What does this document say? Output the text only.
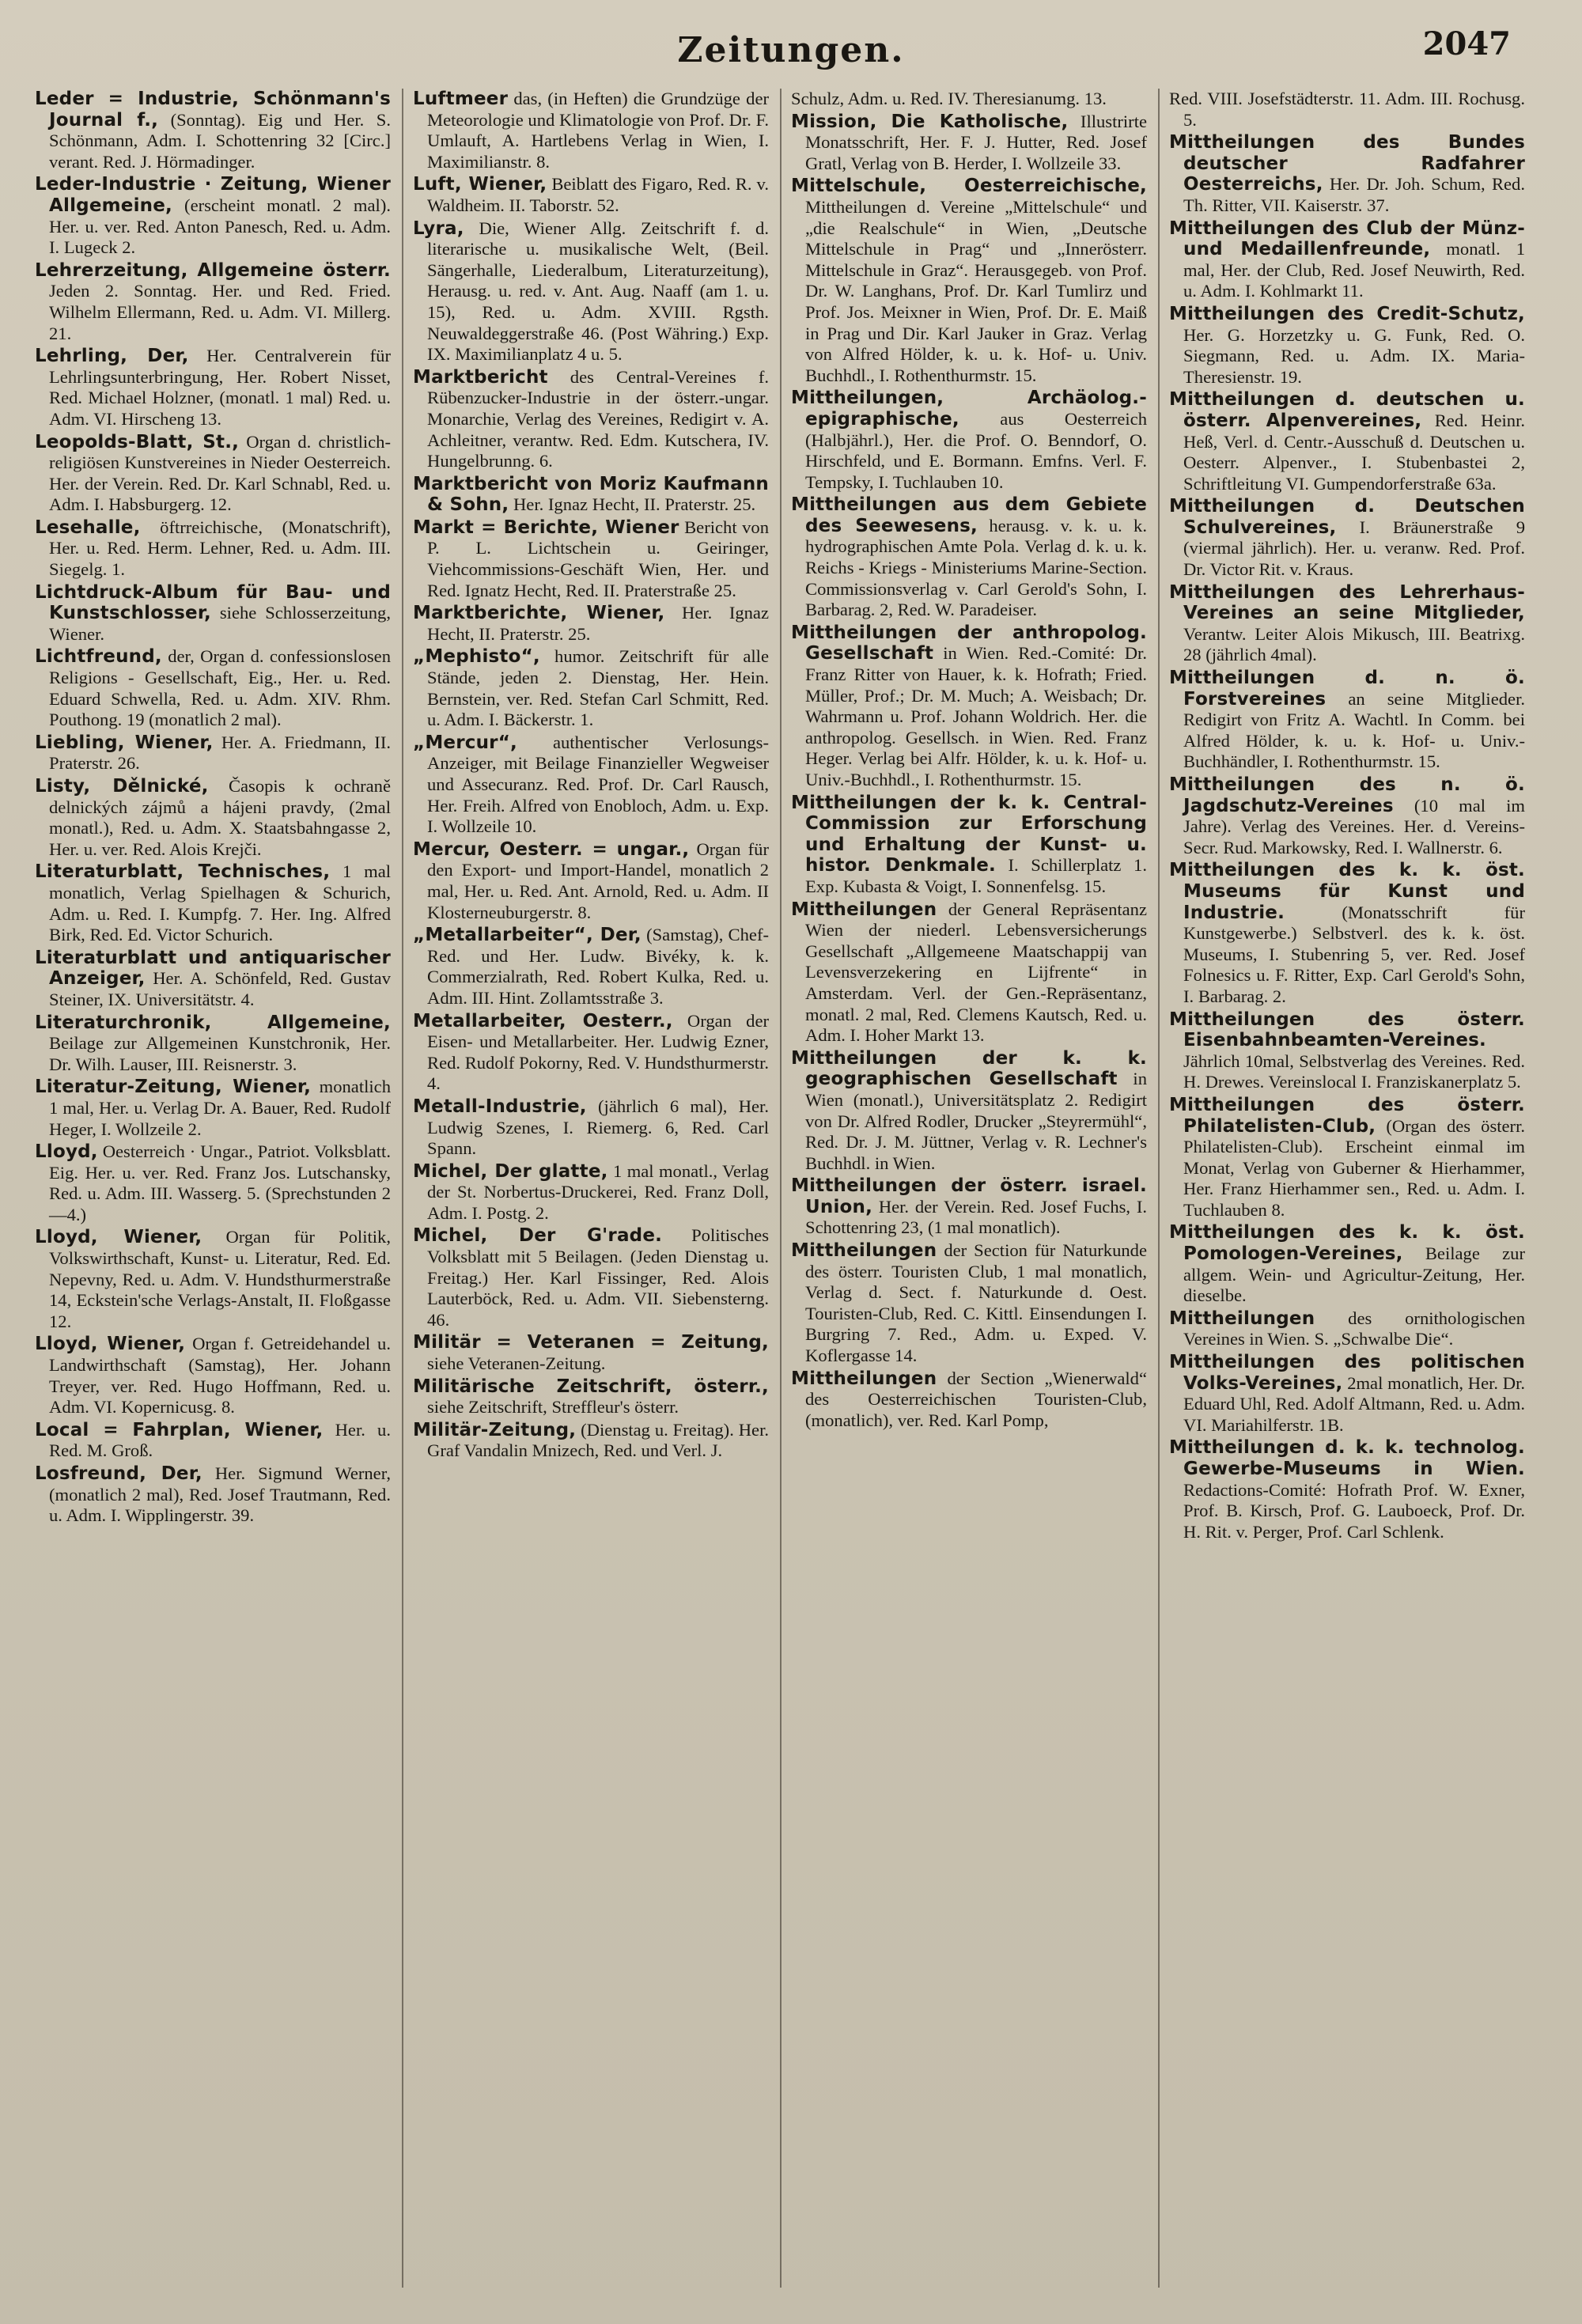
Zeitungen.	2047
Leder = Industrie, Schönmann's Journal f., (Sonntag). Eig und Her. S. Schönmann, Adm. I. Schottenring 32 [Circ.] verant. Red. J. Hörmadinger.
Leder-Industrie · Zeitung, Wiener Allgemeine, (erscheint monatl. 2 mal). Her. u. ver. Red. Anton Panesch, Red. u. Adm. I. Lugeck 2.
Lehrerzeitung, Allgemeine österr. Jeden 2. Sonntag. Her. und Red. Fried. Wilhelm Ellermann, Red. u. Adm. VI. Millerg. 21.
Lehrling, Der, Her. Centralverein für Lehrlingsunterbringung, Her. Robert Nisset, Red. Michael Holzner, (monatl. 1 mal) Red. u. Adm. VI. Hirscheng 13.
Leopolds-Blatt, St., Organ d. christlich-religiösen Kunstvereines in Nieder Oesterreich. Her. der Verein. Red. Dr. Karl Schnabl, Red. u. Adm. I. Habsburgerg. 12.
Lesehalle, öftrreichische, (Monatschrift), Her. u. Red. Herm. Lehner, Red. u. Adm. III. Siegelg. 1.
Lichtdruck-Album für Bau- und Kunstschlosser, siehe Schlosserzeitung, Wiener.
Lichtfreund, der, Organ d. confessionslosen Religions - Gesellschaft, Eig., Her. u. Red. Eduard Schwella, Red. u. Adm. XIV. Rhm. Pouthong. 19 (monatlich 2 mal).
Liebling, Wiener, Her. A. Friedmann, II. Praterstr. 26.
Listy, Dělnické, Časopis k ochraně delnických zájmů a hájeni pravdy, (2mal monatl.), Red. u. Adm. X. Staatsbahngasse 2, Her. u. ver. Red. Alois Krejči.
Literaturblatt, Technisches, 1 mal monatlich, Verlag Spielhagen & Schurich, Adm. u. Red. I. Kumpfg. 7. Her. Ing. Alfred Birk, Red. Ed. Victor Schurich.
Literaturblatt und antiquarischer Anzeiger, Her. A. Schönfeld, Red. Gustav Steiner, IX. Universitätstr. 4.
Literaturchronik, Allgemeine, Beilage zur Allgemeinen Kunstchronik, Her. Dr. Wilh. Lauser, III. Reisnerstr. 3.
Literatur-Zeitung, Wiener, monatlich 1 mal, Her. u. Verlag Dr. A. Bauer, Red. Rudolf Heger, I. Wollzeile 2.
Lloyd, Oesterreich · Ungar., Patriot. Volksblatt. Eig. Her. u. ver. Red. Franz Jos. Lutschansky, Red. u. Adm. III. Wasserg. 5. (Sprechstunden 2—4.)
Lloyd, Wiener, Organ für Politik, Volkswirthschaft, Kunst- u. Literatur, Red. Ed. Nepevny, Red. u. Adm. V. Hundsthurmerstraße 14, Eckstein'sche Verlags-Anstalt, II. Floßgasse 12.
Lloyd, Wiener, Organ f. Getreidehandel u. Landwirthschaft (Samstag), Her. Johann Treyer, ver. Red. Hugo Hoffmann, Red. u. Adm. VI. Kopernicusg. 8.
Local = Fahrplan, Wiener, Her. u. Red. M. Groß.
Losfreund, Der, Her. Sigmund Werner, (monatlich 2 mal), Red. Josef Trautmann, Red. u. Adm. I. Wipplingerstr. 39.
Luftmeer das, (in Heften) die Grundzüge der Meteorologie und Klimatologie von Prof. Dr. F. Umlauft, A. Hartlebens Verlag in Wien, I. Maximilianstr. 8.
Luft, Wiener, Beiblatt des Figaro, Red. R. v. Waldheim. II. Taborstr. 52.
Lyra, Die, Wiener Allg. Zeitschrift f. d. literarische u. musikalische Welt, (Beil. Sängerhalle, Liederalbum, Literaturzeitung), Herausg. u. red. v. Ant. Aug. Naaff (am 1. u. 15), Red. u. Adm. XVIII. Rgsth. Neuwaldeggerstraße 46. (Post Währing.) Exp. IX. Maximilianplatz 4 u. 5.
Marktbericht des Central-Vereines f. Rübenzucker-Industrie in der österr.-ungar. Monarchie, Verlag des Vereines, Redigirt v. A. Achleitner, verantw. Red. Edm. Kutschera, IV. Hungelbrunng. 6.
Marktbericht von Moriz Kaufmann & Sohn, Her. Ignaz Hecht, II. Praterstr. 25.
Markt = Berichte, Wiener Bericht von P. L. Lichtschein u. Geiringer, Viehcommissions-Geschäft Wien, Her. und Red. Ignatz Hecht, Red. II. Praterstraße 25.
Marktberichte, Wiener, Her. Ignaz Hecht, II. Praterstr. 25.
„Mephisto“, humor. Zeitschrift für alle Stände, jeden 2. Dienstag, Her. Hein. Bernstein, ver. Red. Stefan Carl Schmitt, Red. u. Adm. I. Bäckerstr. 1.
„Mercur“, authentischer Verlosungs-Anzeiger, mit Beilage Finanzieller Wegweiser und Assecuranz. Red. Prof. Dr. Carl Rausch, Her. Freih. Alfred von Enobloch, Adm. u. Exp. I. Wollzeile 10.
Mercur, Oesterr. = ungar., Organ für den Export- und Import-Handel, monatlich 2 mal, Her. u. Red. Ant. Arnold, Red. u. Adm. II Klosterneuburgerstr. 8.
„Metallarbeiter“, Der, (Samstag), Chef-Red. und Her. Ludw. Bivéky, k. k. Commerzialrath, Red. Robert Kulka, Red. u. Adm. III. Hint. Zollamtsstraße 3.
Metallarbeiter, Oesterr., Organ der Eisen- und Metallarbeiter. Her. Ludwig Ezner, Red. Rudolf Pokorny, Red. V. Hundsthurmerstr. 4.
Metall-Industrie, (jährlich 6 mal), Her. Ludwig Szenes, I. Riemerg. 6, Red. Carl Spann.
Michel, Der glatte, 1 mal monatl., Verlag der St. Norbertus-Druckerei, Red. Franz Doll, Adm. I. Postg. 2.
Michel, Der G'rade. Politisches Volksblatt mit 5 Beilagen. (Jeden Dienstag u. Freitag.) Her. Karl Fissinger, Red. Alois Lauterböck, Red. u. Adm. VII. Siebensterng. 46.
Militär = Veteranen = Zeitung, siehe Veteranen-Zeitung.
Militärische Zeitschrift, österr., siehe Zeitschrift, Streffleur's österr.
Militär-Zeitung, (Dienstag u. Freitag). Her. Graf Vandalin Mnizech, Red. und Verl. J.
Schulz, Adm. u. Red. IV. Theresianumg. 13.
Mission, Die Katholische, Illustrirte Monatsschrift, Her. F. J. Hutter, Red. Josef Gratl, Verlag von B. Herder, I. Wollzeile 33.
Mittelschule, Oesterreichische, Mittheilungen d. Vereine „Mittelschule“ und „die Realschule“ in Wien, „Deutsche Mittelschule in Prag“ und „Innerösterr. Mittelschule in Graz“. Herausgegeb. von Prof. Dr. W. Langhans, Prof. Dr. Karl Tumlirz und Prof. Jos. Meixner in Wien, Prof. Dr. E. Maiß in Prag und Dir. Karl Jauker in Graz. Verlag von Alfred Hölder, k. u. k. Hof- u. Univ. Buchhdl., I. Rothenthurmstr. 15.
Mittheilungen, Archäolog.-epigraphische, aus Oesterreich (Halbjährl.), Her. die Prof. O. Benndorf, O. Hirschfeld, und E. Bormann. Emfns. Verl. F. Tempsky, I. Tuchlauben 10.
Mittheilungen aus dem Gebiete des Seewesens, herausg. v. k. u. k. hydrographischen Amte Pola. Verlag d. k. u. k. Reichs - Kriegs - Ministeriums Marine-Section. Commissionsverlag v. Carl Gerold's Sohn, I. Barbarag. 2, Red. W. Paradeiser.
Mittheilungen der anthropolog. Gesellschaft in Wien. Red.-Comité: Dr. Franz Ritter von Hauer, k. k. Hofrath; Fried. Müller, Prof.; Dr. M. Much; A. Weisbach; Dr. Wahrmann u. Prof. Johann Woldrich. Her. die anthropolog. Gesellsch. in Wien. Red. Franz Heger. Verlag bei Alfr. Hölder, k. u. k. Hof- u. Univ.-Buchhdl., I. Rothenthurmstr. 15.
Mittheilungen der k. k. Central-Commission zur Erforschung und Erhaltung der Kunst- u. histor. Denkmale. I. Schillerplatz 1. Exp. Kubasta & Voigt, I. Sonnenfelsg. 15.
Mittheilungen der General Repräsentanz Wien der niederl. Lebensversicherungs Gesellschaft „Allgemeene Maatschappij van Levensverzekering en Lijfrente“ in Amsterdam. Verl. der Gen.-Repräsentanz, monatl. 2 mal, Red. Clemens Kautsch, Red. u. Adm. I. Hoher Markt 13.
Mittheilungen der k. k. geographischen Gesellschaft in Wien (monatl.), Universitätsplatz 2. Redigirt von Dr. Alfred Rodler, Drucker „Steyrermühl“, Red. Dr. J. M. Jüttner, Verlag v. R. Lechner's Buchhdl. in Wien.
Mittheilungen der österr. israel. Union, Her. der Verein. Red. Josef Fuchs, I. Schottenring 23, (1 mal monatlich).
Mittheilungen der Section für Naturkunde des österr. Touristen Club, 1 mal monatlich, Verlag d. Sect. f. Naturkunde d. Oest. Touristen-Club, Red. C. Kittl. Einsendungen I. Burgring 7. Red., Adm. u. Exped. V. Koflergasse 14.
Mittheilungen der Section „Wienerwald“ des Oesterreichischen Touristen-Club, (monatlich), ver. Red. Karl Pomp,
Red. VIII. Josefstädterstr. 11. Adm. III. Rochusg. 5.
Mittheilungen des Bundes deutscher Radfahrer Oesterreichs, Her. Dr. Joh. Schum, Red. Th. Ritter, VII. Kaiserstr. 37.
Mittheilungen des Club der Münz- und Medaillenfreunde, monatl. 1 mal, Her. der Club, Red. Josef Neuwirth, Red. u. Adm. I. Kohlmarkt 11.
Mittheilungen des Credit-Schutz, Her. G. Horzetzky u. G. Funk, Red. O. Siegmann, Red. u. Adm. IX. Maria-Theresienstr. 19.
Mittheilungen d. deutschen u. österr. Alpenvereines, Red. Heinr. Heß, Verl. d. Centr.-Ausschuß d. Deutschen u. Oesterr. Alpenver., I. Stubenbastei 2, Schriftleitung VI. Gumpendorferstraße 63a.
Mittheilungen d. Deutschen Schulvereines, I. Bräunerstraße 9 (viermal jährlich). Her. u. veranw. Red. Prof. Dr. Victor Rit. v. Kraus.
Mittheilungen des Lehrerhaus-Vereines an seine Mitglieder, Verantw. Leiter Alois Mikusch, III. Beatrixg. 28 (jährlich 4mal).
Mittheilungen d. n. ö. Forstvereines an seine Mitglieder. Redigirt von Fritz A. Wachtl. In Comm. bei Alfred Hölder, k. u. k. Hof- u. Univ.-Buchhändler, I. Rothenthurmstr. 15.
Mittheilungen des n. ö. Jagdschutz-Vereines (10 mal im Jahre). Verlag des Vereines. Her. d. Vereins-Secr. Rud. Markowsky, Red. I. Wallnerstr. 6.
Mittheilungen des k. k. öst. Museums für Kunst und Industrie.	(Monatsschrift für Kunstgewerbe.) Selbstverl. des k. k. öst. Museums, I. Stubenring 5, ver. Red. Josef Folnesics u. F. Ritter, Exp. Carl Gerold's Sohn, I. Barbarag. 2.
Mittheilungen des österr. Eisenbahnbeamten-Vereines. Jährlich 10mal, Selbstverlag des Vereines. Red. H. Drewes. Vereinslocal I. Franziskanerplatz 5.
Mittheilungen des österr. Philatelisten-Club, (Organ des österr. Philatelisten-Club). Erscheint einmal im Monat, Verlag von Guberner & Hierhammer, Her. Franz Hierhammer sen., Red. u. Adm. I. Tuchlauben 8.
Mittheilungen des k. k. öst. Pomologen-Vereines, Beilage zur allgem. Wein- und Agricultur-Zeitung, Her. dieselbe.
Mittheilungen des ornithologischen Vereines in Wien. S. „Schwalbe Die“.
Mittheilungen des politischen Volks-Vereines, 2mal monatlich, Her. Dr. Eduard Uhl, Red. Adolf Altmann, Red. u. Adm. VI. Mariahilferstr. 1B.
Mittheilungen d. k. k. technolog. Gewerbe-Museums in Wien. Redactions-Comité: Hofrath Prof. W. Exner, Prof. B. Kirsch, Prof. G. Lauboeck, Prof. Dr. H. Rit. v. Perger, Prof. Carl Schlenk.
